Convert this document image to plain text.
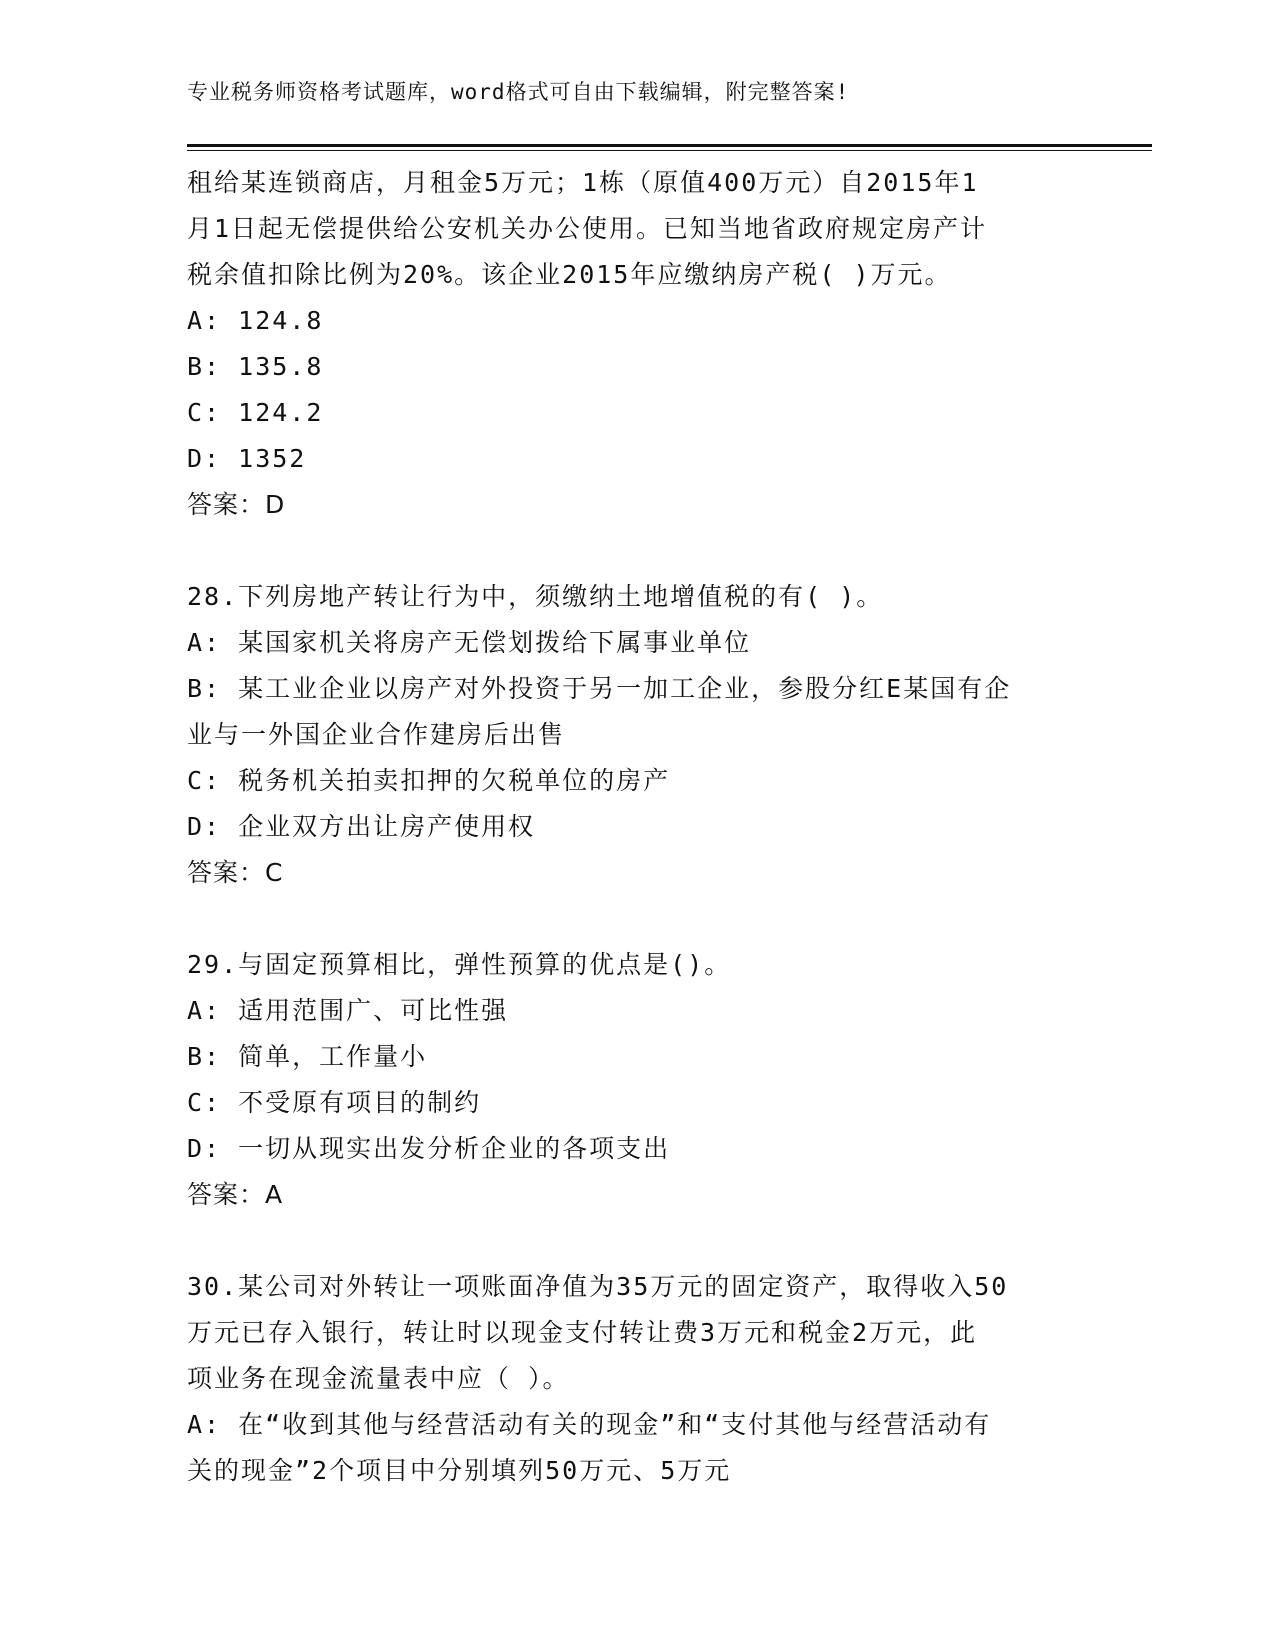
专业税务师资格考试题库，word格式可自由下载编辑，附完整答案!
租给某连锁商店，月租金5万元；1栋（原值400万元）自2015年1
月1日起无偿提供给公安机关办公使用。已知当地省政府规定房产计
税余值扣除比例为20%。该企业2015年应缴纳房产税( )万元。
A: 124.8
B: 135.8
C: 124.2
D: 1352
答案：D
28.下列房地产转让行为中，须缴纳土地增值税的有( )。
A: 某国家机关将房产无偿划拨给下属事业单位
B: 某工业企业以房产对外投资于另一加工企业，参股分红E某国有企
业与一外国企业合作建房后出售
C: 税务机关拍卖扣押的欠税单位的房产
D: 企业双方出让房产使用权
答案：C
29.与固定预算相比，弹性预算的优点是()。
A: 适用范围广、可比性强
B: 简单，工作量小
C: 不受原有项目的制约
D: 一切从现实出发分析企业的各项支出
答案：A
30.某公司对外转让一项账面净值为35万元的固定资产，取得收入50
万元已存入银行，转让时以现金支付转让费3万元和税金2万元，此
项业务在现金流量表中应（ ）。
A: 在“收到其他与经营活动有关的现金”和“支付其他与经营活动有
关的现金”2个项目中分别填列50万元、5万元
